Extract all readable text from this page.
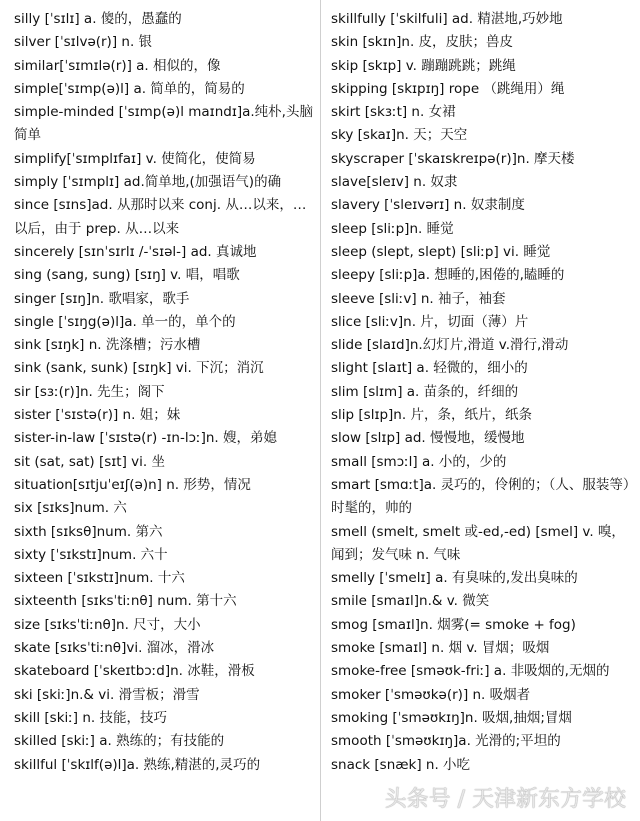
silly [ˈsɪlɪ] a. 傻的，愚蠢的

silver [ˈsɪlvə(r)] n. 银

similar[ˈsɪmɪlə(r)] a. 相似的，像

simple[ˈsɪmp(ə)l] a. 简单的，简易的

simple-minded [ˈsɪmp(ə)l maɪndɪ]a.纯朴,头脑简单

simplify[ˈsɪmplɪfaɪ] v. 使简化，使简易

simply [ˈsɪmplɪ] ad.简单地,(加强语气)的确

since [sɪns]ad. 从那时以来 conj. 从…以来，…以后，由于 prep. 从…以来

sincerely [sɪnˈsɪrlɪ /-ˈsɪəl-] ad. 真诚地

sing (sang, sung) [sɪŋ] v. 唱，唱歌

singer [sɪŋ]n. 歌唱家，歌手

single [ˈsɪŋg(ə)l]a. 单一的，单个的

sink [sɪŋk] n. 洗涤槽；污水槽

sink (sank, sunk) [sɪŋk] vi. 下沉；消沉

sir [sɜː(r)]n. 先生；阁下

sister [ˈsɪstə(r)] n. 姐；妹

sister-in-law [ˈsɪstə(r) -ɪn-lɔː]n. 嫂，弟媳

sit (sat, sat) [sɪt] vi. 坐

situation[sɪtjuˈeɪʃ(ə)n] n. 形势，情况

six [sɪks]num. 六

sixth [sɪksθ]num. 第六

sixty [ˈsɪkstɪ]num. 六十

sixteen [ˈsɪkstɪ]num. 十六

sixteenth [sɪksˈtiːnθ] num. 第十六

size [sɪksˈtiːnθ]n. 尺寸，大小

skate [sɪksˈtiːnθ]vi. 溜冰，滑冰

skateboard [ˈskeɪtbɔːd]n. 冰鞋，滑板

ski [skiː]n.& vi. 滑雪板；滑雪

skill [skiː] n. 技能，技巧

skilled [skiː] a. 熟练的；有技能的

skillful [ˈskɪlf(ə)l]a. 熟练,精湛的,灵巧的

skillfully [ˈskilfuli] ad. 精湛地,巧妙地

skin [skɪn]n. 皮，皮肤；兽皮

skip [skɪp] v. 蹦蹦跳跳；跳绳

skipping [skɪpɪŋ] rope （跳绳用）绳

skirt [skɜːt] n. 女裙

sky [skaɪ]n. 天；天空

skyscraper [ˈskaɪskreɪpə(r)]n. 摩天楼

slave[sleɪv] n. 奴隶

slavery [ˈsleɪvərɪ] n. 奴隶制度

sleep [sliːp]n. 睡觉

sleep (slept, slept) [sliːp] vi. 睡觉

sleepy [sliːp]a. 想睡的,困倦的,瞌睡的

sleeve [sliːv] n. 袖子，袖套

slice [sliːv]n. 片，切面（薄）片

slide [slaɪd]n.幻灯片,滑道 v.滑行,滑动

slight [slaɪt] a. 轻微的，细小的

slim [slɪm] a. 苗条的，纤细的

slip [slɪp]n. 片，条，纸片，纸条

slow [slɪp] ad. 慢慢地，缓慢地

small [smɔːl] a. 小的，少的

smart [smɑːt]a. 灵巧的，伶俐的；（人、服装等）时髦的，帅的

smell (smelt, smelt 或-ed,-ed) [smel] v. 嗅，闻到；发气味 n. 气味

smelly [ˈsmelɪ] a. 有臭味的,发出臭味的

smile [smaɪl]n.& v. 微笑

smog [smaɪl]n. 烟雾(= smoke + fog)

smoke [smaɪl] n. 烟 v. 冒烟；吸烟

smoke-free [sməʊk-friː] a. 非吸烟的,无烟的

smoker [ˈsməʊkə(r)] n. 吸烟者

smoking [ˈsməʊkɪŋ]n. 吸烟,抽烟;冒烟

smooth [ˈsməʊkɪŋ]a. 光滑的;平坦的

snack [snæk] n. 小吃

头条号 / 天津新东方学校
